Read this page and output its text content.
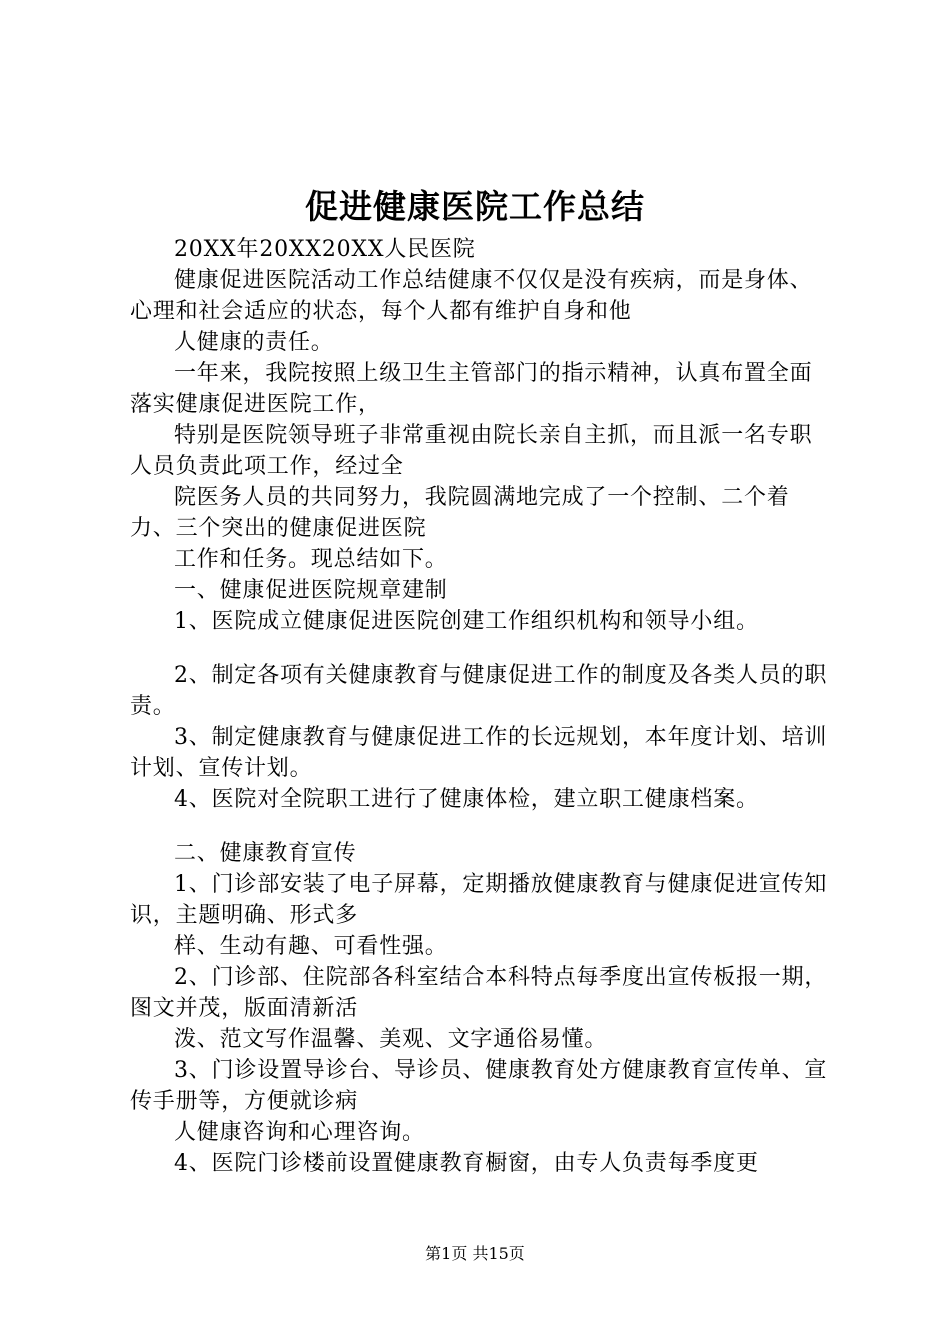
促进健康医院工作总结

20XX年20XX20XX人民医院

健康促进医院活动工作总结健康不仅仅是没有疾病，而是身体、心理和社会适应的状态，每个人都有维护自身和他

人健康的责任。

一年来，我院按照上级卫生主管部门的指示精神，认真布置全面落实健康促进医院工作，

特别是医院领导班子非常重视由院长亲自主抓，而且派一名专职人员负责此项工作，经过全

院医务人员的共同努力，我院圆满地完成了一个控制、二个着力、三个突出的健康促进医院

工作和任务。现总结如下。

一、健康促进医院规章建制

1、医院成立健康促进医院创建工作组织机构和领导小组。

2、制定各项有关健康教育与健康促进工作的制度及各类人员的职责。

3、制定健康教育与健康促进工作的长远规划，本年度计划、培训计划、宣传计划。

4、医院对全院职工进行了健康体检，建立职工健康档案。

二、健康教育宣传

1、门诊部安装了电子屏幕，定期播放健康教育与健康促进宣传知识，主题明确、形式多

样、生动有趣、可看性强。

2、门诊部、住院部各科室结合本科特点每季度出宣传板报一期，图文并茂，版面清新活

泼、范文写作温馨、美观、文字通俗易懂。

3、门诊设置导诊台、导诊员、健康教育处方健康教育宣传单、宣传手册等，方便就诊病

人健康咨询和心理咨询。

4、医院门诊楼前设置健康教育橱窗，由专人负责每季度更

第1页 共15页
